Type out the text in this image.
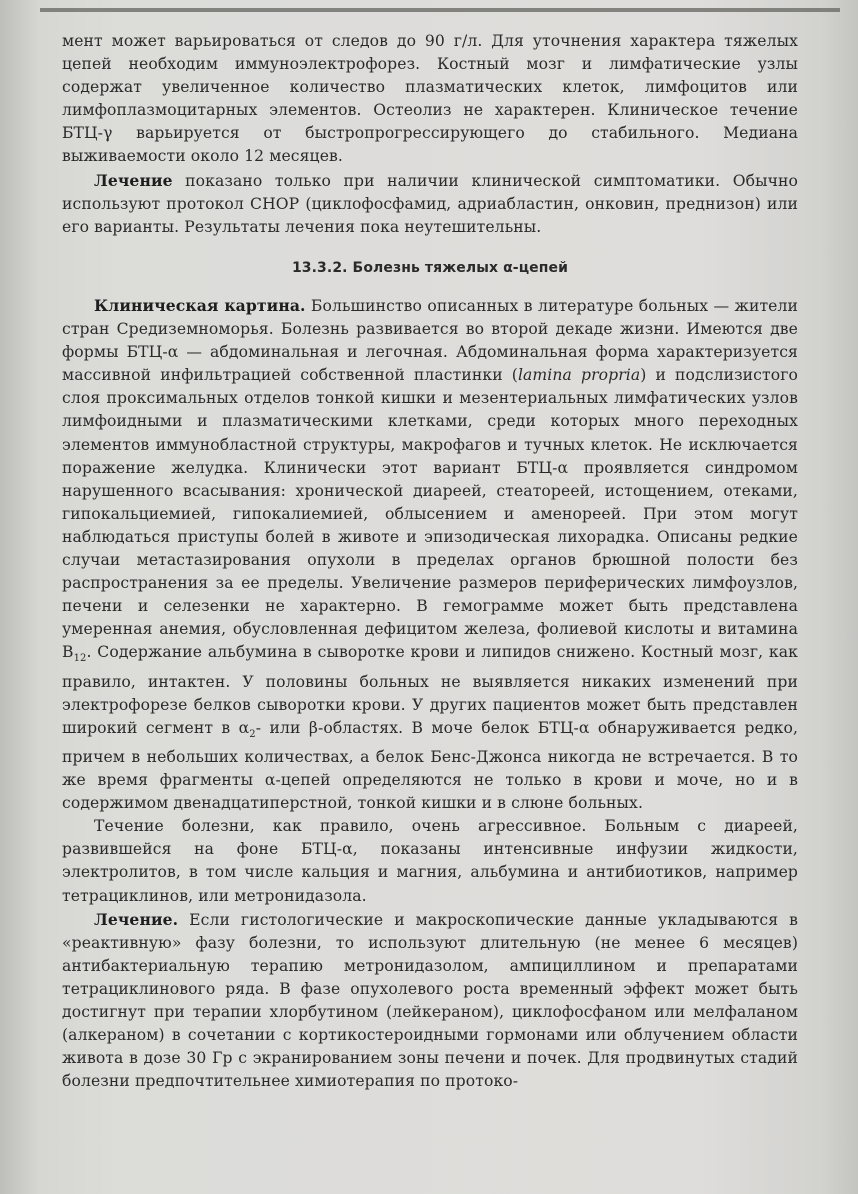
мент может варьироваться от следов до 90 г/л. Для уточнения характера тяжелых цепей необходим иммуноэлектрофорез. Костный мозг и лимфатические узлы содержат увеличенное количество плазматических клеток, лимфоцитов или лимфоплазмоцитарных элементов. Остеолиз не характерен. Клиническое течение БТЦ-γ варьируется от быстропрогрессирующего до стабильного. Медиана выживаемости около 12 месяцев.

Лечение показано только при наличии клинической симптоматики. Обычно используют протокол CHOP (циклофосфамид, адриабластин, онковин, преднизон) или его варианты. Результаты лечения пока неутешительны.

13.3.2. Болезнь тяжелых α-цепей

Клиническая картина. Большинство описанных в литературе больных — жители стран Средиземноморья. Болезнь развивается во второй декаде жизни. Имеются две формы БТЦ-α — абдоминальная и легочная. Абдоминальная форма характеризуется массивной инфильтрацией собственной пластинки (lamina propria) и подслизистого слоя проксимальных отделов тонкой кишки и мезентериальных лимфатических узлов лимфоидными и плазматическими клетками, среди которых много переходных элементов иммунобластной структуры, макрофагов и тучных клеток. Не исключается поражение желудка. Клинически этот вариант БТЦ-α проявляется синдромом нарушенного всасывания: хронической диареей, стеатореей, истощением, отеками, гипокальциемией, гипокалиемией, облысением и аменореей. При этом могут наблюдаться приступы болей в животе и эпизодическая лихорадка. Описаны редкие случаи метастазирования опухоли в пределах органов брюшной полости без распространения за ее пределы. Увеличение размеров периферических лимфоузлов, печени и селезенки не характерно. В гемограмме может быть представлена умеренная анемия, обусловленная дефицитом железа, фолиевой кислоты и витамина $B_{12}$. Содержание альбумина в сыворотке крови и липидов снижено. Костный мозг, как правило, интактен. У половины больных не выявляется никаких изменений при электрофорезе белков сыворотки крови. У других пациентов может быть представлен широкий сегмент в $\alpha_2-$ или β-областях. В моче белок БТЦ-α обнаруживается редко, причем в небольших количествах, а белок Бенс-Джонса никогда не встречается. В то же время фрагменты α-цепей определяются не только в крови и моче, но и в содержимом двенадцатиперстной, тонкой кишки и в слюне больных.

Течение болезни, как правило, очень агрессивное. Больным с диареей, развившейся на фоне БТЦ-α, показаны интенсивные инфузии жидкости, электролитов, в том числе кальция и магния, альбумина и антибиотиков, например тетрациклинов, или метронидазола.

Лечение. Если гистологические и макроскопические данные укладываются в «реактивную» фазу болезни, то используют длительную (не менее 6 месяцев) антибактериальную терапию метронидазолом, ампициллином и препаратами тетрациклинового ряда. В фазе опухолевого роста временный эффект может быть достигнут при терапии хлорбутином (лейкераном), циклофосфаном или мелфаланом (алкераном) в сочетании с кортикостероидными гормонами или облучением области живота в дозе 30 Гр с экранированием зоны печени и почек. Для продвинутых стадий болезни предпочтительнее химиотерапия по протоко-
